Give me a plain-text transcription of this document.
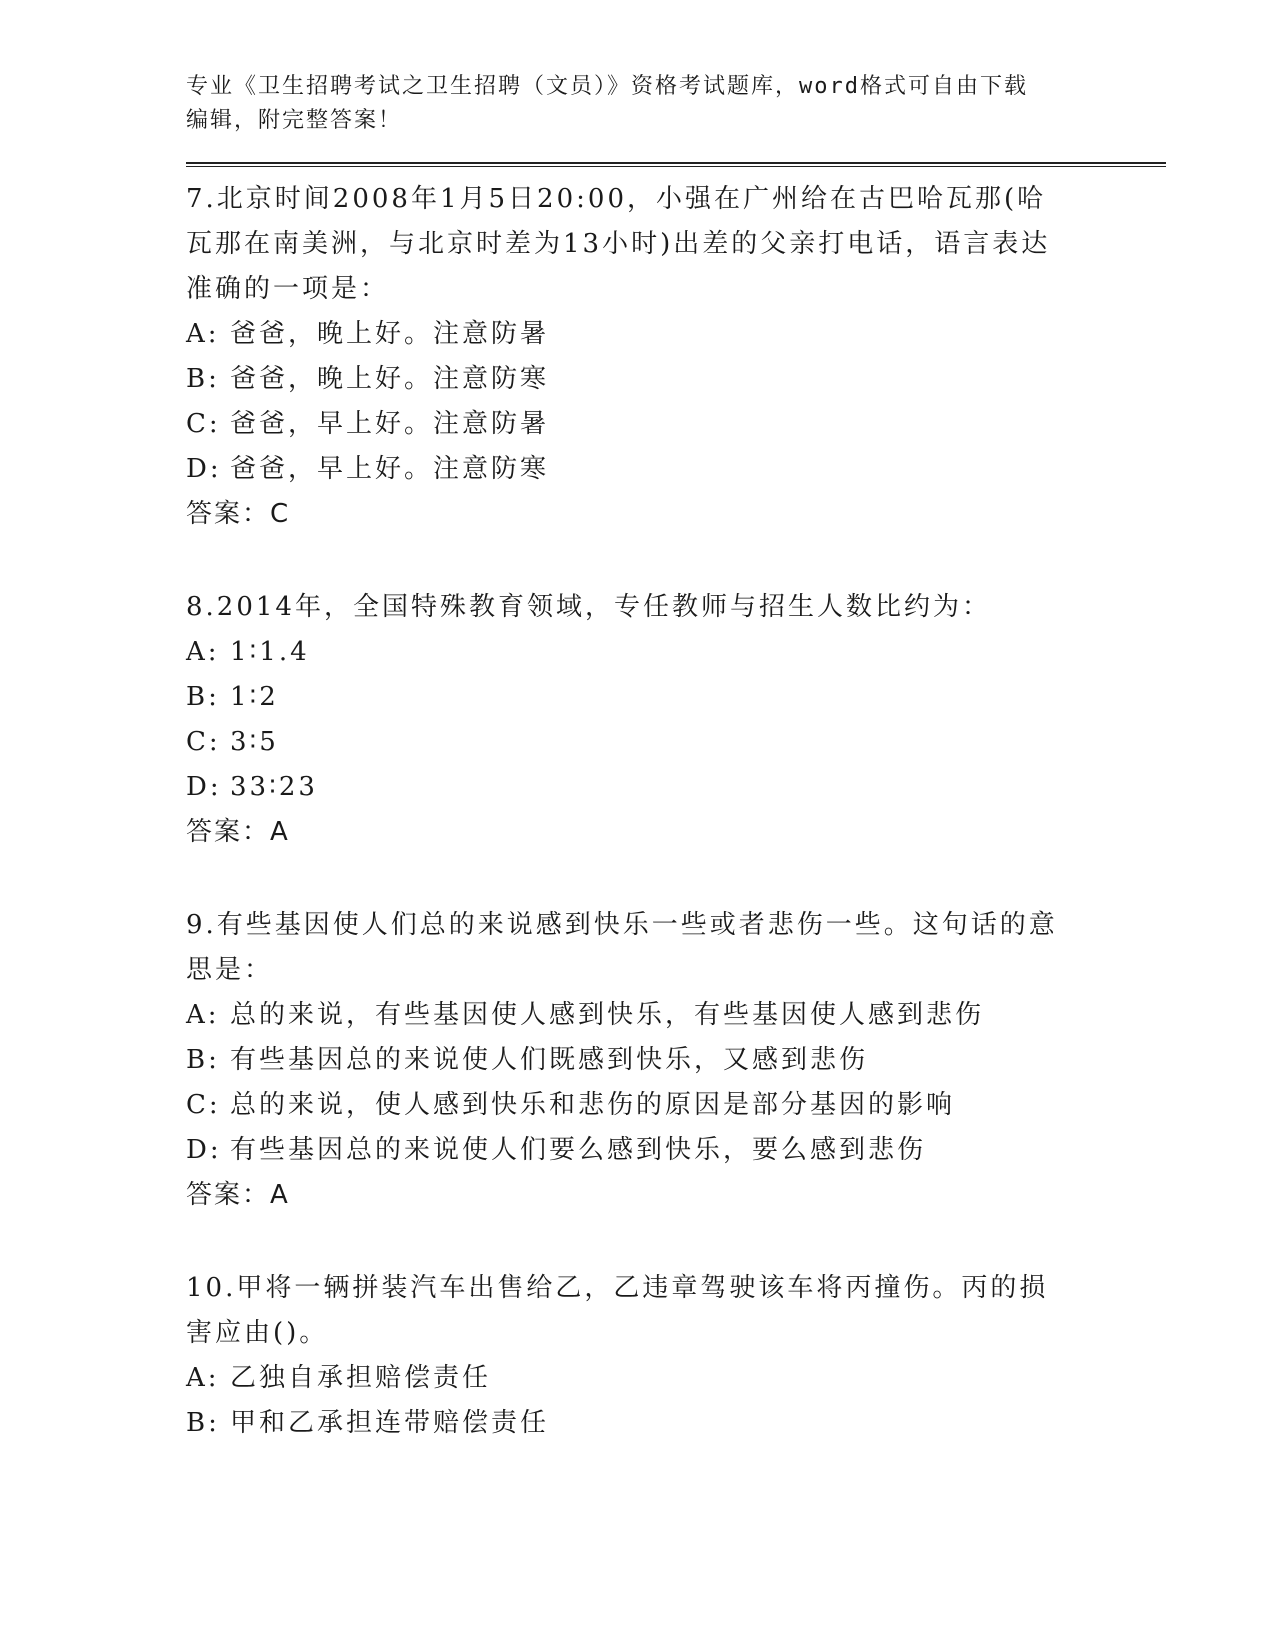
专业《卫生招聘考试之卫生招聘（文员）》资格考试题库，word格式可自由下载
编辑，附完整答案！

7.北京时间2008年1月5日20:00，小强在广州给在古巴哈瓦那(哈瓦那在南美洲，与北京时差为13小时)出差的父亲打电话，语言表达准确的一项是：

A: 爸爸，晚上好。注意防暑

B: 爸爸，晚上好。注意防寒

C: 爸爸，早上好。注意防暑

D: 爸爸，早上好。注意防寒

答案：C

8.2014年，全国特殊教育领域，专任教师与招生人数比约为：

A: 1∶1.4

B: 1∶2

C: 3∶5

D: 33∶23

答案：A

9.有些基因使人们总的来说感到快乐一些或者悲伤一些。这句话的意思是：

A: 总的来说，有些基因使人感到快乐，有些基因使人感到悲伤

B: 有些基因总的来说使人们既感到快乐，又感到悲伤

C: 总的来说，使人感到快乐和悲伤的原因是部分基因的影响

D: 有些基因总的来说使人们要么感到快乐，要么感到悲伤

答案：A

10.甲将一辆拼装汽车出售给乙，乙违章驾驶该车将丙撞伤。丙的损害应由()。

A: 乙独自承担赔偿责任

B: 甲和乙承担连带赔偿责任
